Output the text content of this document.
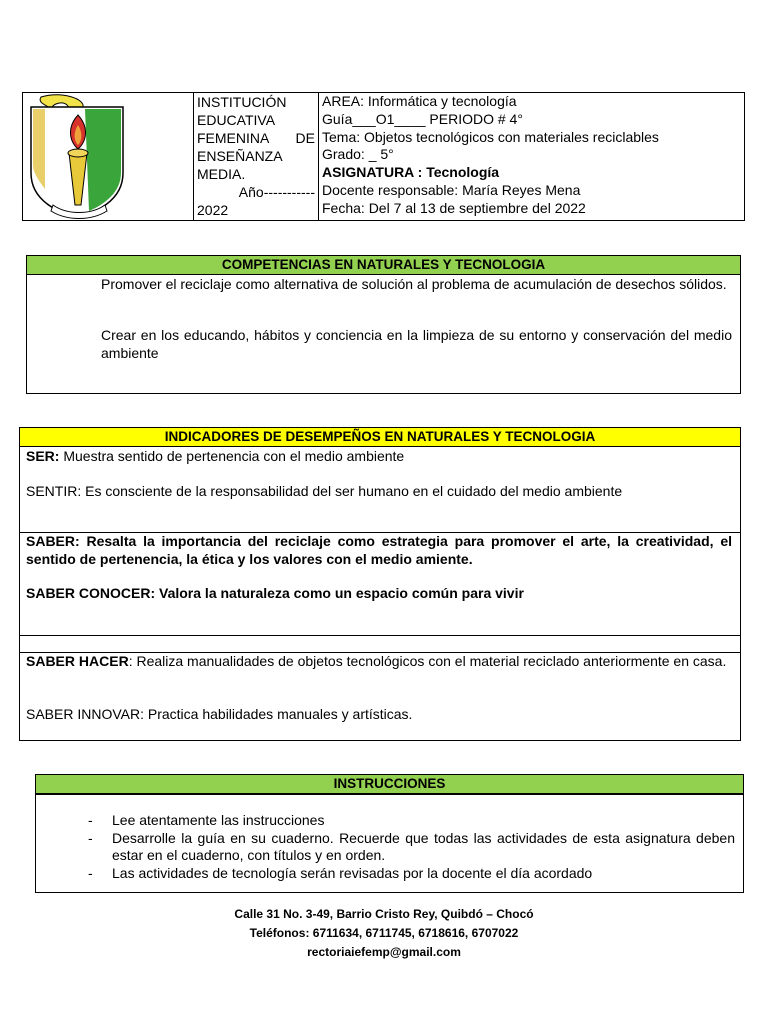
INSTITUCIÓN
EDUCATIVA
FEMENINA DE
ENSEÑANZA
MEDIA.
Año-----------
2022
AREA: Informática y tecnología
Guía___O1____ PERIODO # 4°
Tema: Objetos tecnológicos con materiales reciclables
Grado: _ 5°
ASIGNATURA : Tecnología
Docente responsable: María Reyes Mena
Fecha: Del 7 al 13 de septiembre del 2022
COMPETENCIAS EN NATURALES Y TECNOLOGIA
Promover el reciclaje como alternativa de solución al problema de acumulación de desechos sólidos.
Crear en los educando, hábitos y conciencia en la limpieza de su entorno y conservación del medio ambiente
INDICADORES DE DESEMPEÑOS EN NATURALES Y TECNOLOGIA
SER: Muestra sentido de pertenencia con el medio ambiente
SENTIR: Es consciente de la responsabilidad del ser humano en el cuidado del medio ambiente
SABER: Resalta la importancia del reciclaje como estrategia para promover el arte, la creatividad, el sentido de pertenencia, la ética y los valores con el medio amiente.
SABER CONOCER: Valora la naturaleza como un espacio común para vivir
SABER HACER: Realiza manualidades de objetos tecnológicos con el material reciclado anteriormente en casa.
SABER INNOVAR: Practica habilidades manuales y artísticas.
INSTRUCCIONES
- Lee atentamente las instrucciones
- Desarrolle la guía en su cuaderno. Recuerde que todas las actividades de esta asignatura deben estar en el cuaderno, con títulos y en orden.
- Las actividades de tecnología serán revisadas por la docente el día acordado
Calle 31 No. 3-49, Barrio Cristo Rey, Quibdó – Chocó
Teléfonos: 6711634, 6711745, 6718616, 6707022
rectoriaiefemp@gmail.com
